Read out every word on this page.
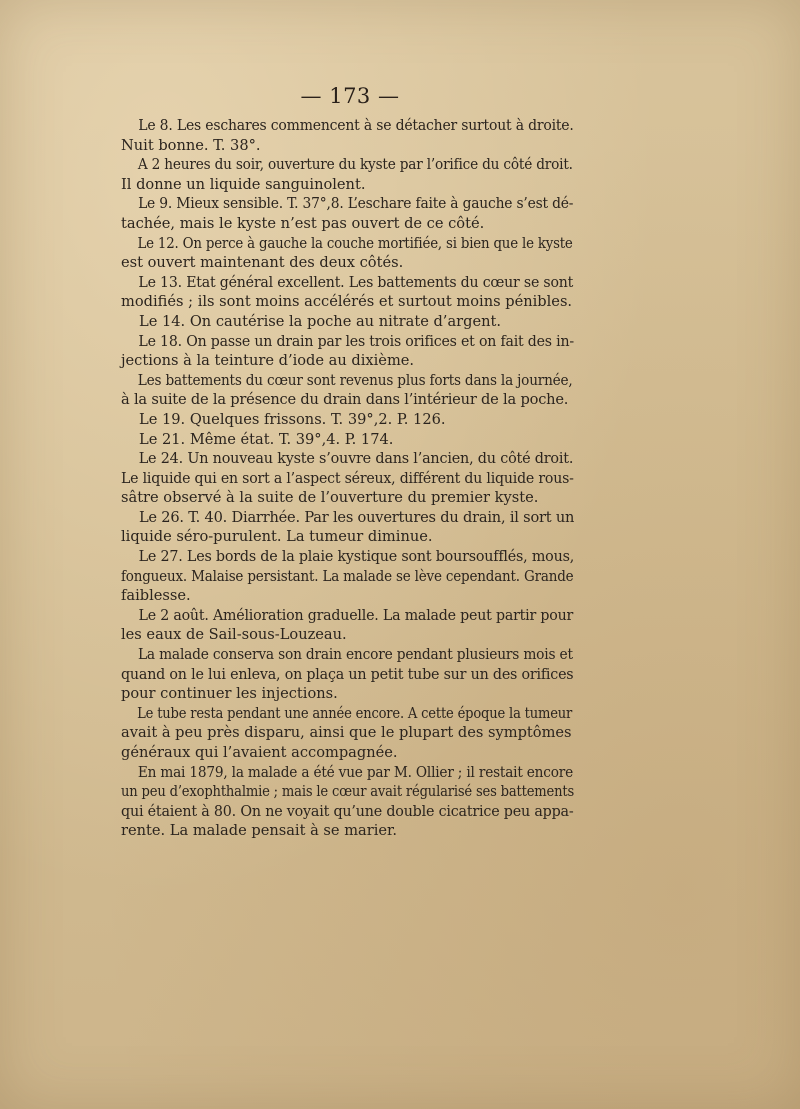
— 173 —
Le 8. Les eschares commencent à se détacher surtout à droite.
Nuit bonne. T. 38°.
A 2 heures du soir, ouverture du kyste par l’orifice du côté droit.
Il donne un liquide sanguinolent.
Le 9. Mieux sensible. T. 37°,8. L’eschare faite à gauche s’est dé-
tachée, mais le kyste n’est pas ouvert de ce côté.
Le 12. On perce à gauche la couche mortifiée, si bien que le kyste
est ouvert maintenant des deux côtés.
Le 13. Etat général excellent. Les battements du cœur se sont
modifiés ; ils sont moins accélérés et surtout moins pénibles.
Le 14. On cautérise la poche au nitrate d’argent.
Le 18. On passe un drain par les trois orifices et on fait des in-
jections à la teinture d’iode au dixième.
Les battements du cœur sont revenus plus forts dans la journée,
à la suite de la présence du drain dans l’intérieur de la poche.
Le 19. Quelques frissons. T. 39°,2. P. 126.
Le 21. Même état. T. 39°,4. P. 174.
Le 24. Un nouveau kyste s’ouvre dans l’ancien, du côté droit.
Le liquide qui en sort a l’aspect séreux, différent du liquide rous-
sâtre observé à la suite de l’ouverture du premier kyste.
Le 26. T. 40. Diarrhée. Par les ouvertures du drain, il sort un
liquide séro-purulent. La tumeur diminue.
Le 27. Les bords de la plaie kystique sont boursoufflés, mous,
fongueux. Malaise persistant. La malade se lève cependant. Grande
faiblesse.
Le 2 août. Amélioration graduelle. La malade peut partir pour
les eaux de Sail-sous-Louzeau.
La malade conserva son drain encore pendant plusieurs mois et
quand on le lui enleva, on plaça un petit tube sur un des orifices
pour continuer les injections.
Le tube resta pendant une année encore. A cette époque la tumeur
avait à peu près disparu, ainsi que le plupart des symptômes
généraux qui l’avaient accompagnée.
En mai 1879, la malade a été vue par M. Ollier ; il restait encore
un peu d’exophthalmie ; mais le cœur avait régularisé ses battements
qui étaient à 80. On ne voyait qu’une double cicatrice peu appa-
rente. La malade pensait à se marier.
